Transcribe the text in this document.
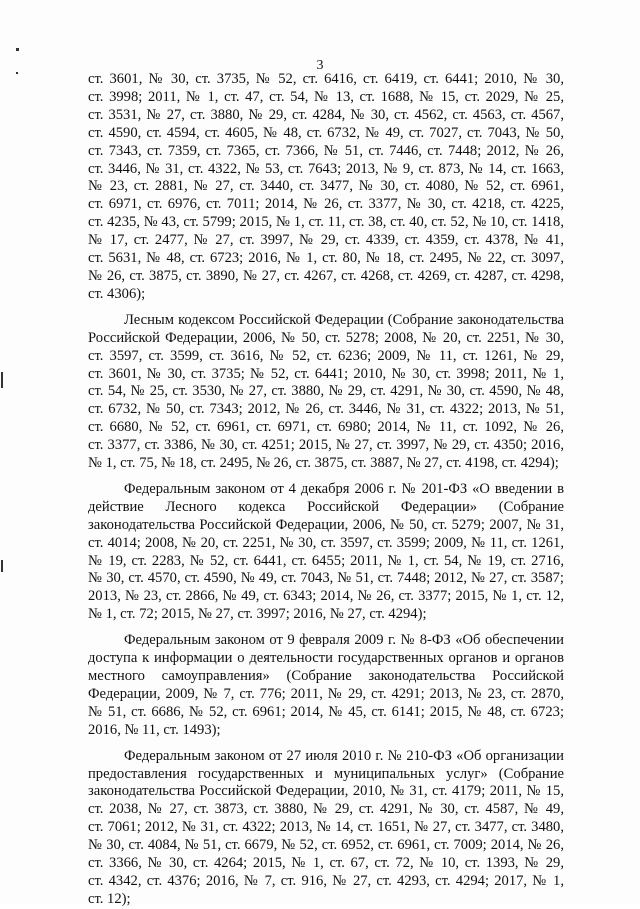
3
ст. 3601, № 30, ст. 3735, № 52, ст. 6416, ст. 6419, ст. 6441; 2010, № 30,
ст. 3998; 2011, № 1, ст. 47, ст. 54, № 13, ст. 1688, № 15, ст. 2029, № 25,
ст. 3531, № 27, ст. 3880, № 29, ст. 4284, № 30, ст. 4562, ст. 4563, ст. 4567,
ст. 4590, ст. 4594, ст. 4605, № 48, ст. 6732, № 49, ст. 7027, ст. 7043, № 50,
ст. 7343, ст. 7359, ст. 7365, ст. 7366, № 51, ст. 7446, ст. 7448; 2012, № 26,
ст. 3446, № 31, ст. 4322, № 53, ст. 7643; 2013, № 9, ст. 873, № 14, ст. 1663,
№ 23, ст. 2881, № 27, ст. 3440, ст. 3477, № 30, ст. 4080, № 52, ст. 6961,
ст. 6971, ст. 6976, ст. 7011; 2014, № 26, ст. 3377, № 30, ст. 4218, ст. 4225,
ст. 4235, № 43, ст. 5799; 2015, № 1, ст. 11, ст. 38, ст. 40, ст. 52, № 10, ст. 1418,
№ 17, ст. 2477, № 27, ст. 3997, № 29, ст. 4339, ст. 4359, ст. 4378, № 41,
ст. 5631, № 48, ст. 6723; 2016, № 1, ст. 80, № 18, ст. 2495, № 22, ст. 3097,
№ 26, ст. 3875, ст. 3890, № 27, ст. 4267, ст. 4268, ст. 4269, ст. 4287, ст. 4298,
ст. 4306);
Лесным кодексом Российской Федерации (Собрание законодательства
Российской Федерации, 2006, № 50, ст. 5278; 2008, № 20, ст. 2251, № 30,
ст. 3597, ст. 3599, ст. 3616, № 52, ст. 6236; 2009, № 11, ст. 1261, № 29,
ст. 3601, № 30, ст. 3735; № 52, ст. 6441; 2010, № 30, ст. 3998; 2011, № 1,
ст. 54, № 25, ст. 3530, № 27, ст. 3880, № 29, ст. 4291, № 30, ст. 4590, № 48,
ст. 6732, № 50, ст. 7343; 2012, № 26, ст. 3446, № 31, ст. 4322; 2013, № 51,
ст. 6680, № 52, ст. 6961, ст. 6971, ст. 6980; 2014, № 11, ст. 1092, № 26,
ст. 3377, ст. 3386, № 30, ст. 4251; 2015, № 27, ст. 3997, № 29, ст. 4350; 2016,
№ 1, ст. 75, № 18, ст. 2495, № 26, ст. 3875, ст. 3887, № 27, ст. 4198, ст. 4294);
Федеральным законом от 4 декабря 2006 г. № 201-ФЗ «О введении в
действие Лесного кодекса Российской Федерации» (Собрание
законодательства Российской Федерации, 2006, № 50, ст. 5279; 2007, № 31,
ст. 4014; 2008, № 20, ст. 2251, № 30, ст. 3597, ст. 3599; 2009, № 11, ст. 1261,
№ 19, ст. 2283, № 52, ст. 6441, ст. 6455; 2011, № 1, ст. 54, № 19, ст. 2716,
№ 30, ст. 4570, ст. 4590, № 49, ст. 7043, № 51, ст. 7448; 2012, № 27, ст. 3587;
2013, № 23, ст. 2866, № 49, ст. 6343; 2014, № 26, ст. 3377; 2015, № 1, ст. 12,
№ 1, ст. 72; 2015, № 27, ст. 3997; 2016, № 27, ст. 4294);
Федеральным законом от 9 февраля 2009 г. № 8-ФЗ «Об обеспечении
доступа к информации о деятельности государственных органов и органов
местного самоуправления» (Собрание законодательства Российской
Федерации, 2009, № 7, ст. 776; 2011, № 29, ст. 4291; 2013, № 23, ст. 2870,
№ 51, ст. 6686, № 52, ст. 6961; 2014, № 45, ст. 6141; 2015, № 48, ст. 6723;
2016, № 11, ст. 1493);
Федеральным законом от 27 июля 2010 г. № 210-ФЗ «Об организации
предоставления государственных и муниципальных услуг» (Собрание
законодательства Российской Федерации, 2010, № 31, ст. 4179; 2011, № 15,
ст. 2038, № 27, ст. 3873, ст. 3880, № 29, ст. 4291, № 30, ст. 4587, № 49,
ст. 7061; 2012, № 31, ст. 4322; 2013, № 14, ст. 1651, № 27, ст. 3477, ст. 3480,
№ 30, ст. 4084, № 51, ст. 6679, № 52, ст. 6952, ст. 6961, ст. 7009; 2014, № 26,
ст. 3366, № 30, ст. 4264; 2015, № 1, ст. 67, ст. 72, № 10, ст. 1393, № 29,
ст. 4342, ст. 4376; 2016, № 7, ст. 916, № 27, ст. 4293, ст. 4294; 2017, № 1,
ст. 12);
